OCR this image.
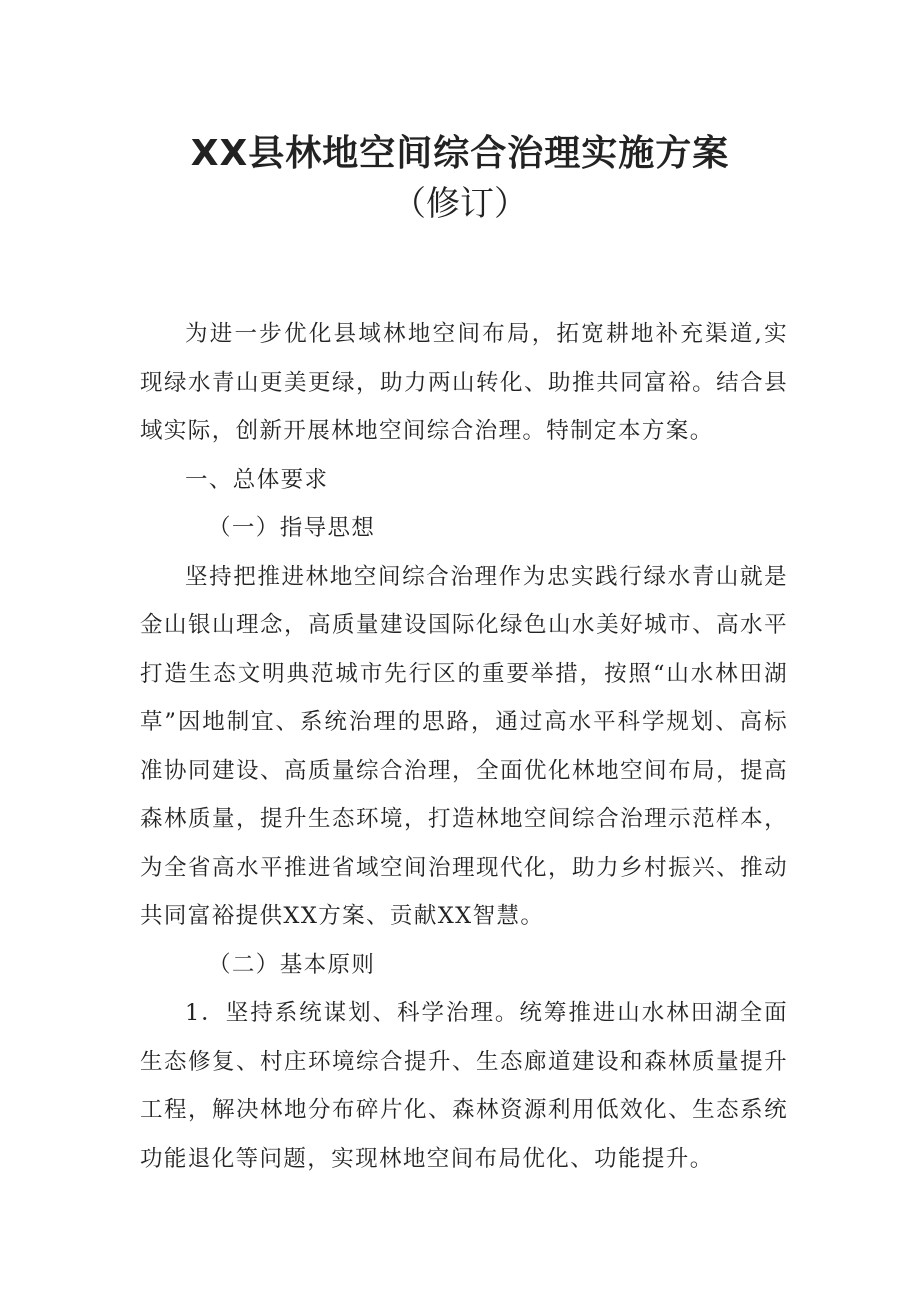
XX县林地空间综合治理实施方案
（修订）

为进一步优化县域林地空间布局，拓宽耕地补充渠道,实现绿水青山更美更绿，助力两山转化、助推共同富裕。结合县域实际，创新开展林地空间综合治理。特制定本方案。

一、总体要求

（一）指导思想

坚持把推进林地空间综合治理作为忠实践行绿水青山就是金山银山理念，高质量建设国际化绿色山水美好城市、高水平打造生态文明典范城市先行区的重要举措，按照“山水林田湖草”因地制宜、系统治理的思路，通过高水平科学规划、高标准协同建设、高质量综合治理，全面优化林地空间布局，提高森林质量，提升生态环境，打造林地空间综合治理示范样本，为全省高水平推进省域空间治理现代化，助力乡村振兴、推动共同富裕提供XX方案、贡献XX智慧。

（二）基本原则

1．坚持系统谋划、科学治理。统筹推进山水林田湖全面生态修复、村庄环境综合提升、生态廊道建设和森林质量提升工程，解决林地分布碎片化、森林资源利用低效化、生态系统功能退化等问题，实现林地空间布局优化、功能提升。
